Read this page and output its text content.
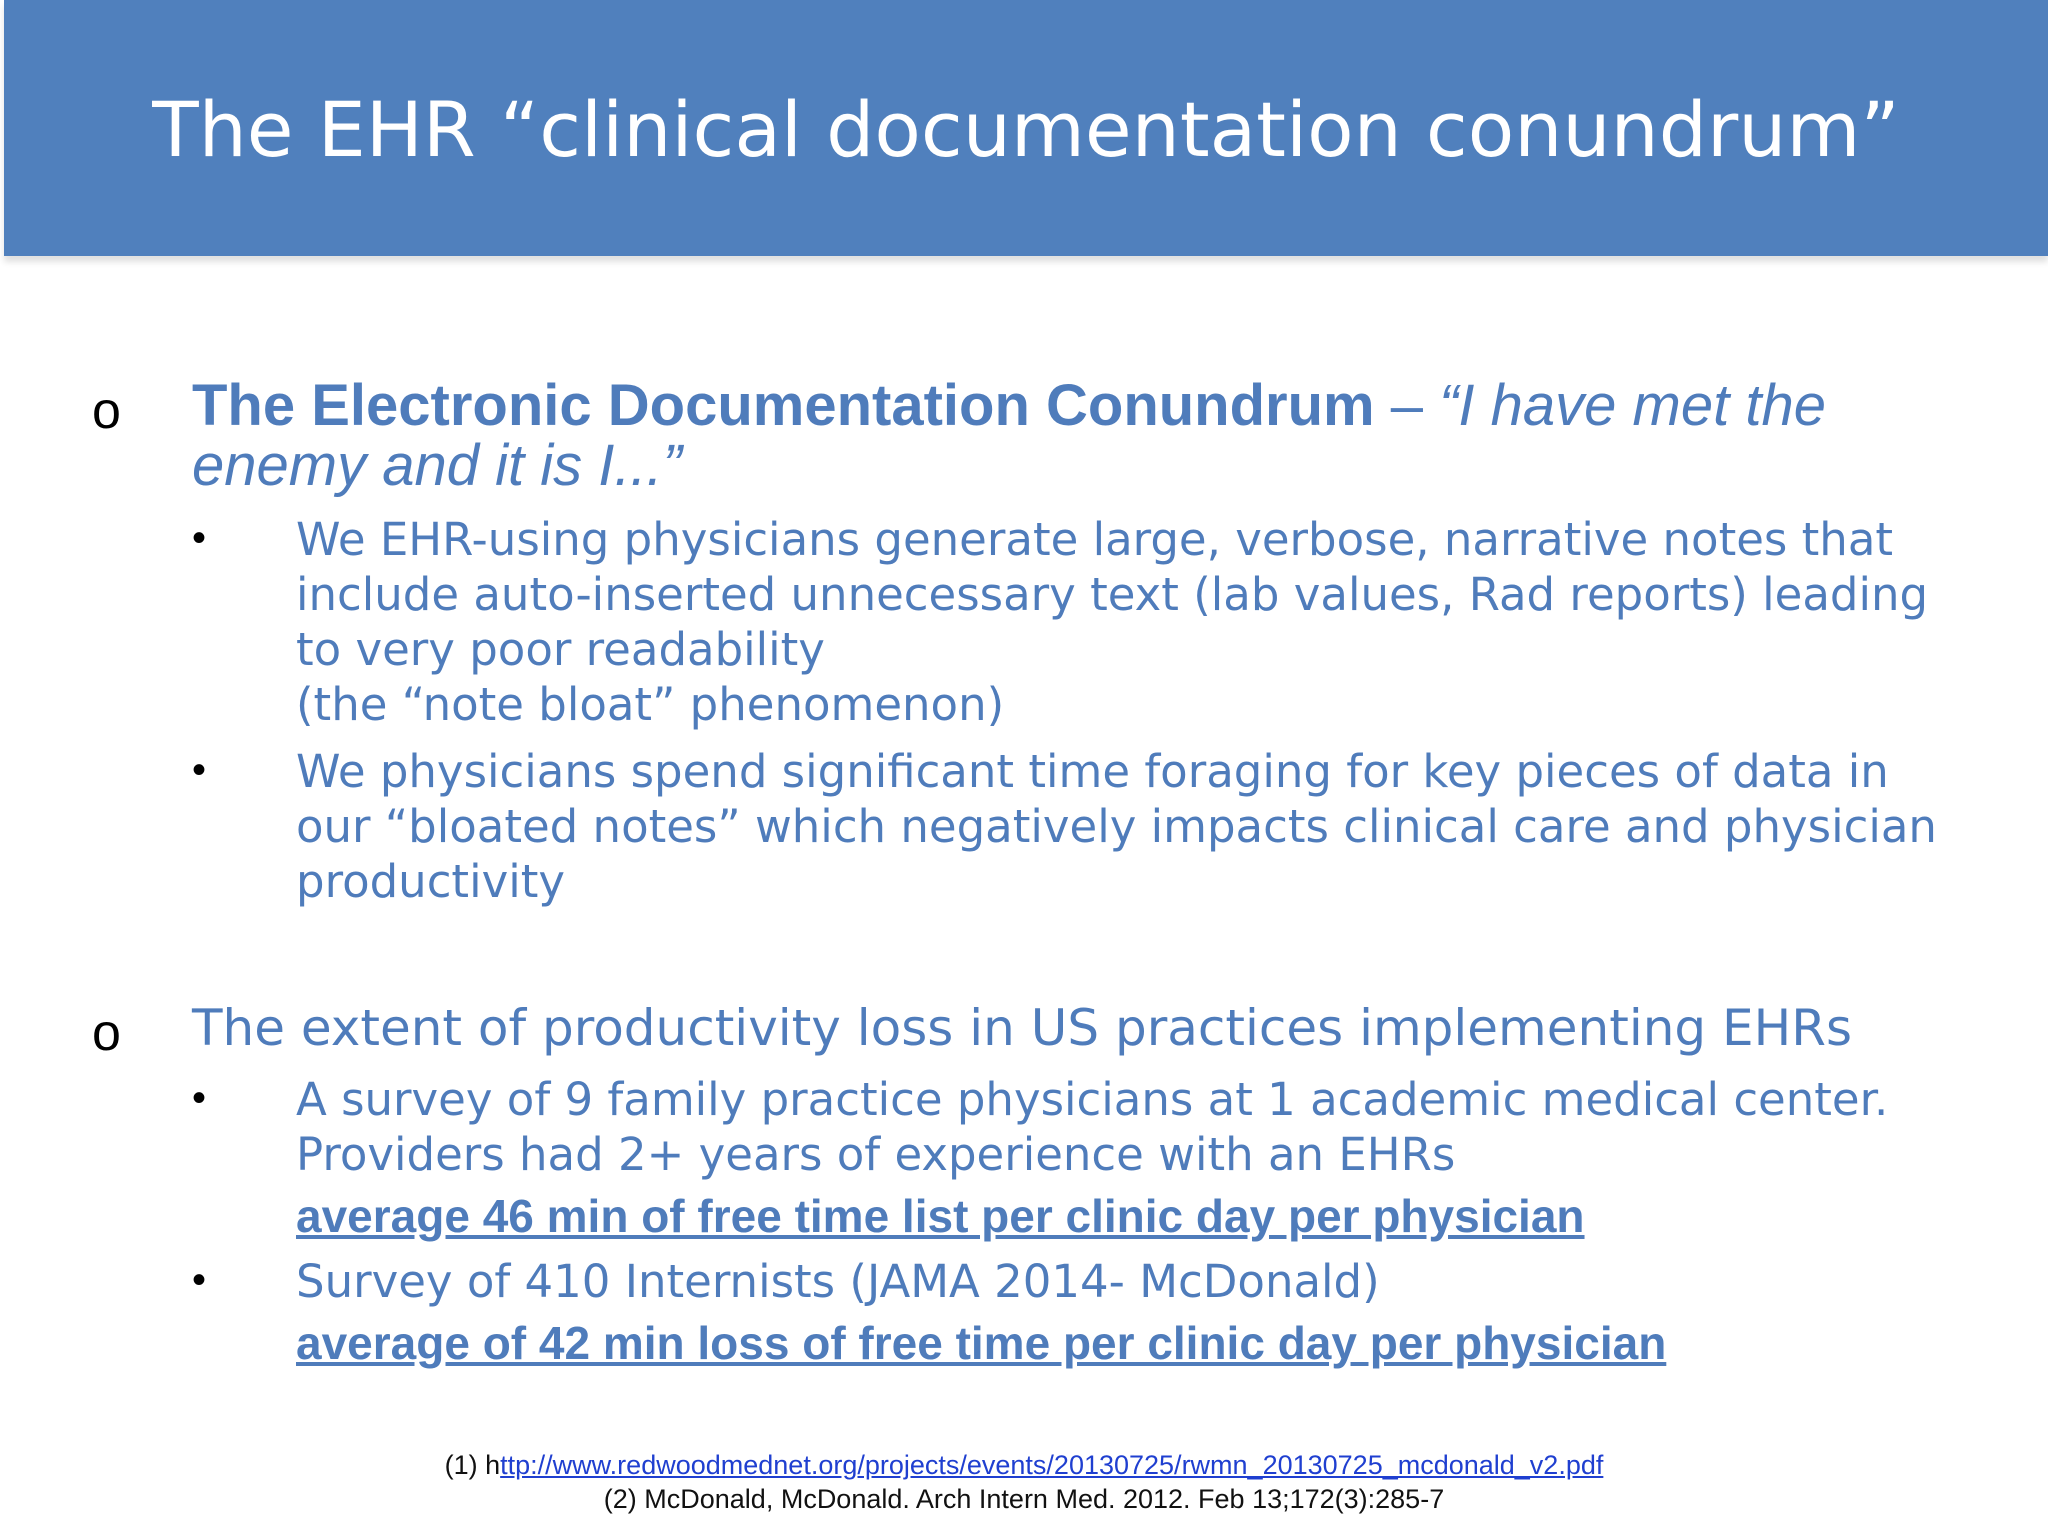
The EHR “clinical documentation conundrum”
o The Electronic Documentation Conundrum – “I have met the
enemy and it is I...”
• We EHR-using physicians generate large, verbose, narrative notes that
include auto-inserted unnecessary text (lab values, Rad reports) leading
to very poor readability
(the “note bloat” phenomenon)
• We physicians spend significant time foraging for key pieces of data in
our “bloated notes” which negatively impacts clinical care and physician
productivity
o The extent of productivity loss in US practices implementing EHRs
• A survey of 9 family practice physicians at 1 academic medical center.
Providers had 2+ years of experience with an EHRs
average 46 min of free time list per clinic day per physician
• Survey of 410 Internists (JAMA 2014- McDonald)
average of 42 min loss of free time per clinic day per physician
(1) http://www.redwoodmednet.org/projects/events/20130725/rwmn_20130725_mcdonald_v2.pdf
(2) McDonald, McDonald. Arch Intern Med. 2012. Feb 13;172(3):285-7
